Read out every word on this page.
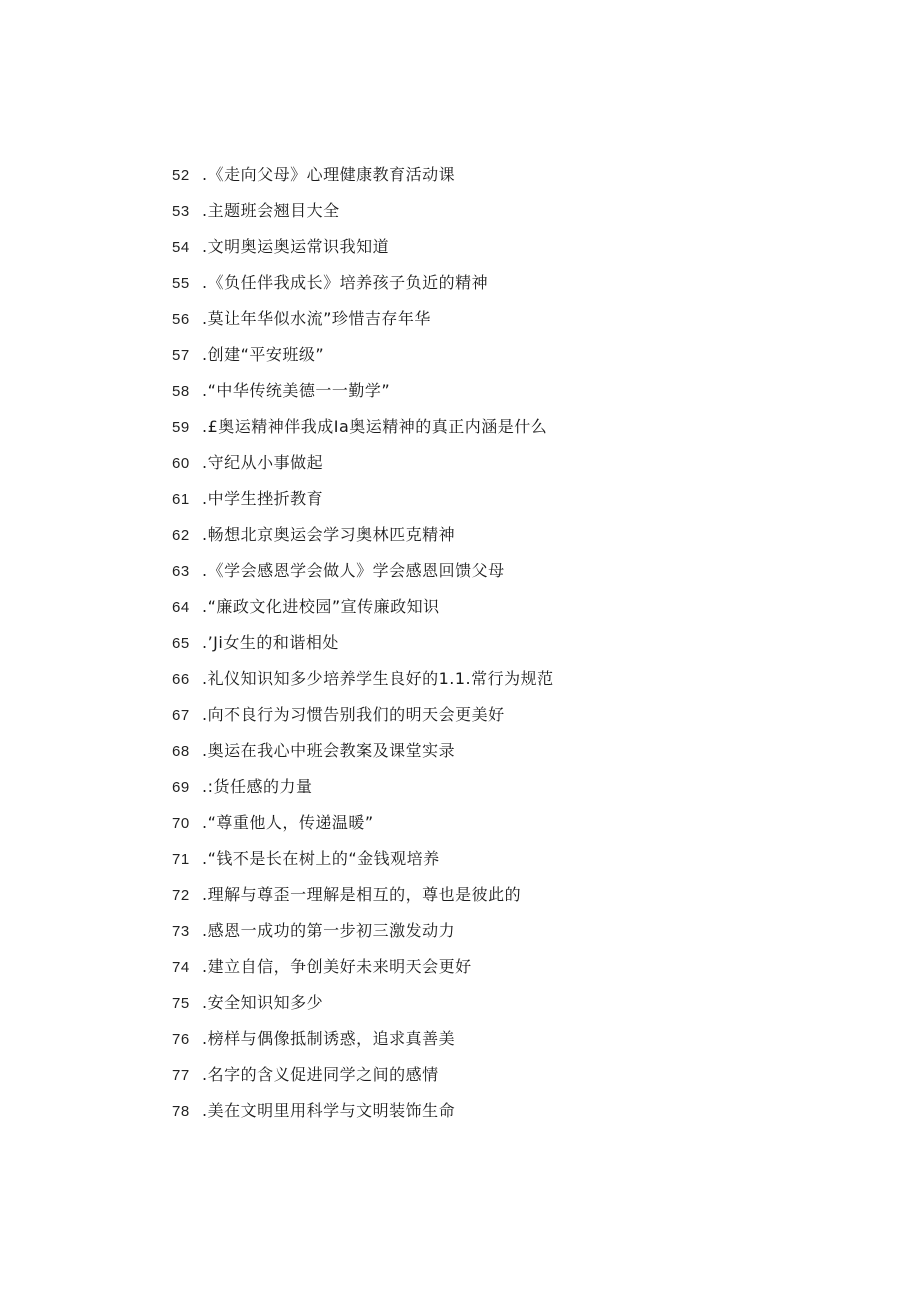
52 .《走向父母》心理健康教育活动课
53 .主题班会翘目大全
54 .文明奥运奥运常识我知道
55 .《负任伴我成长》培养孩子负近的精神
56 .莫让年华似水流”珍惜吉存年华
57 .创建“平安班级”
58 .“中华传统美德一一勤学”
59 .£奥运精神伴我成Ia奥运精神的真正内涵是什么
60 .守纪从小事做起
61 .中学生挫折教育
62 .畅想北京奥运会学习奥林匹克精神
63 .《学会感恩学会做人》学会感恩回馈父母
64 .“廉政文化进校园”宣传廉政知识
65 .’Ji女生的和谐相处
66 .礼仪知识知多少培养学生良好的1.1.常行为规范
67 .向不良行为习惯告别我们的明天会更美好
68 .奥运在我心中班会教案及课堂实录
69 .:货任感的力量
70 .“尊重他人，传递温暖”
71 .“钱不是长在树上的“金钱观培养
72 .理解与尊歪一理解是相互的，尊也是彼此的
73 .感恩一成功的第一步初三激发动力
74 .建立自信，争创美好未来明天会更好
75 .安全知识知多少
76 .榜样与偶像抵制诱惑，追求真善美
77 .名字的含义促进同学之间的感情
78 .美在文明里用科学与文明装饰生命
